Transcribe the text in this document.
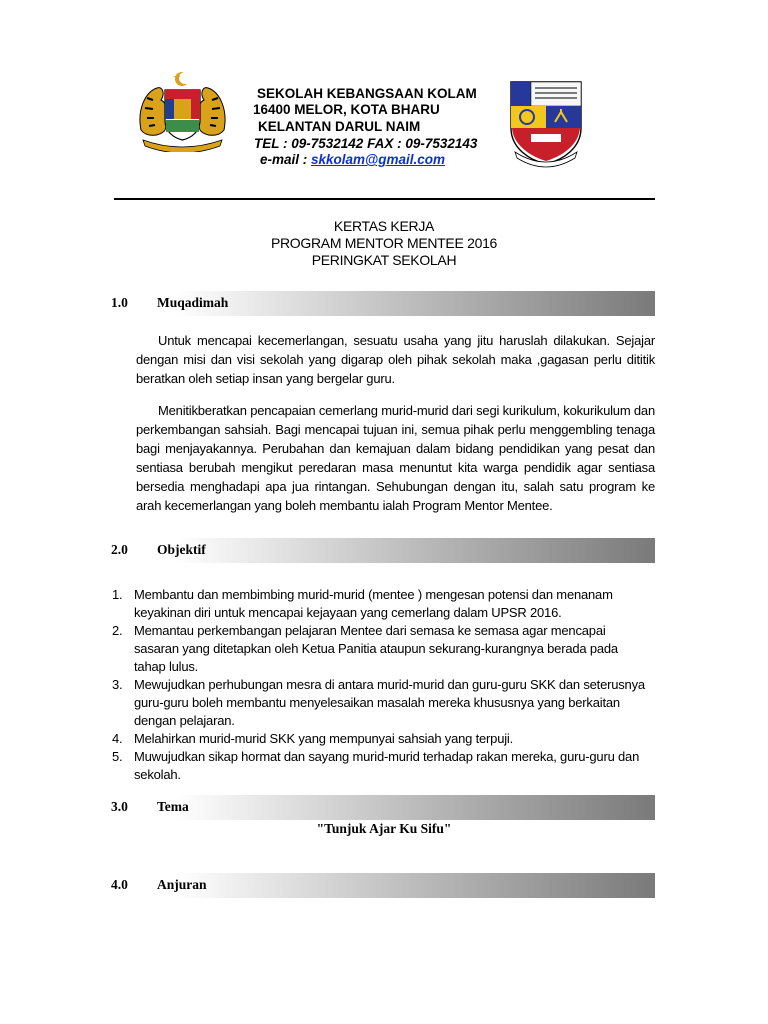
SEKOLAH KEBANGSAAN KOLAM
16400 MELOR, KOTA BHARU
KELANTAN DARUL NAIM
TEL : 09-7532142 FAX : 09-7532143
e-mail : skkolam@gmail.com
KERTAS KERJA
PROGRAM MENTOR MENTEE 2016
PERINGKAT SEKOLAH
1.0 Muqadimah
Untuk mencapai kecemerlangan, sesuatu usaha yang jitu haruslah dilakukan. Sejajar dengan misi dan visi sekolah yang digarap oleh pihak sekolah maka ,gagasan perlu dititik beratkan oleh setiap insan yang bergelar guru.
Menitikberatkan pencapaian cemerlang murid-murid dari segi kurikulum, kokurikulum dan perkembangan sahsiah. Bagi mencapai tujuan ini, semua pihak perlu menggembling tenaga bagi menjayakannya. Perubahan dan kemajuan dalam bidang pendidikan yang pesat dan sentiasa berubah mengikut peredaran masa menuntut kita warga pendidik agar sentiasa bersedia menghadapi apa jua rintangan. Sehubungan dengan itu, salah satu program ke arah kecemerlangan yang boleh membantu ialah Program Mentor Mentee.
2.0 Objektif
1. Membantu dan membimbing murid-murid (mentee ) mengesan potensi dan menanam keyakinan diri untuk mencapai kejayaan yang cemerlang dalam UPSR 2016.
2. Memantau perkembangan pelajaran Mentee dari semasa ke semasa agar mencapai sasaran yang ditetapkan oleh Ketua Panitia ataupun sekurang-kurangnya berada pada tahap lulus.
3. Mewujudkan perhubungan mesra di antara murid-murid dan guru-guru SKK dan seterusnya guru-guru boleh membantu menyelesaikan masalah mereka khususnya yang berkaitan dengan pelajaran.
4. Melahirkan murid-murid SKK yang mempunyai sahsiah yang terpuji.
5. Muwujudkan sikap hormat dan sayang murid-murid terhadap rakan mereka, guru-guru dan sekolah.
3.0 Tema
"Tunjuk Ajar Ku Sifu"
4.0 Anjuran
